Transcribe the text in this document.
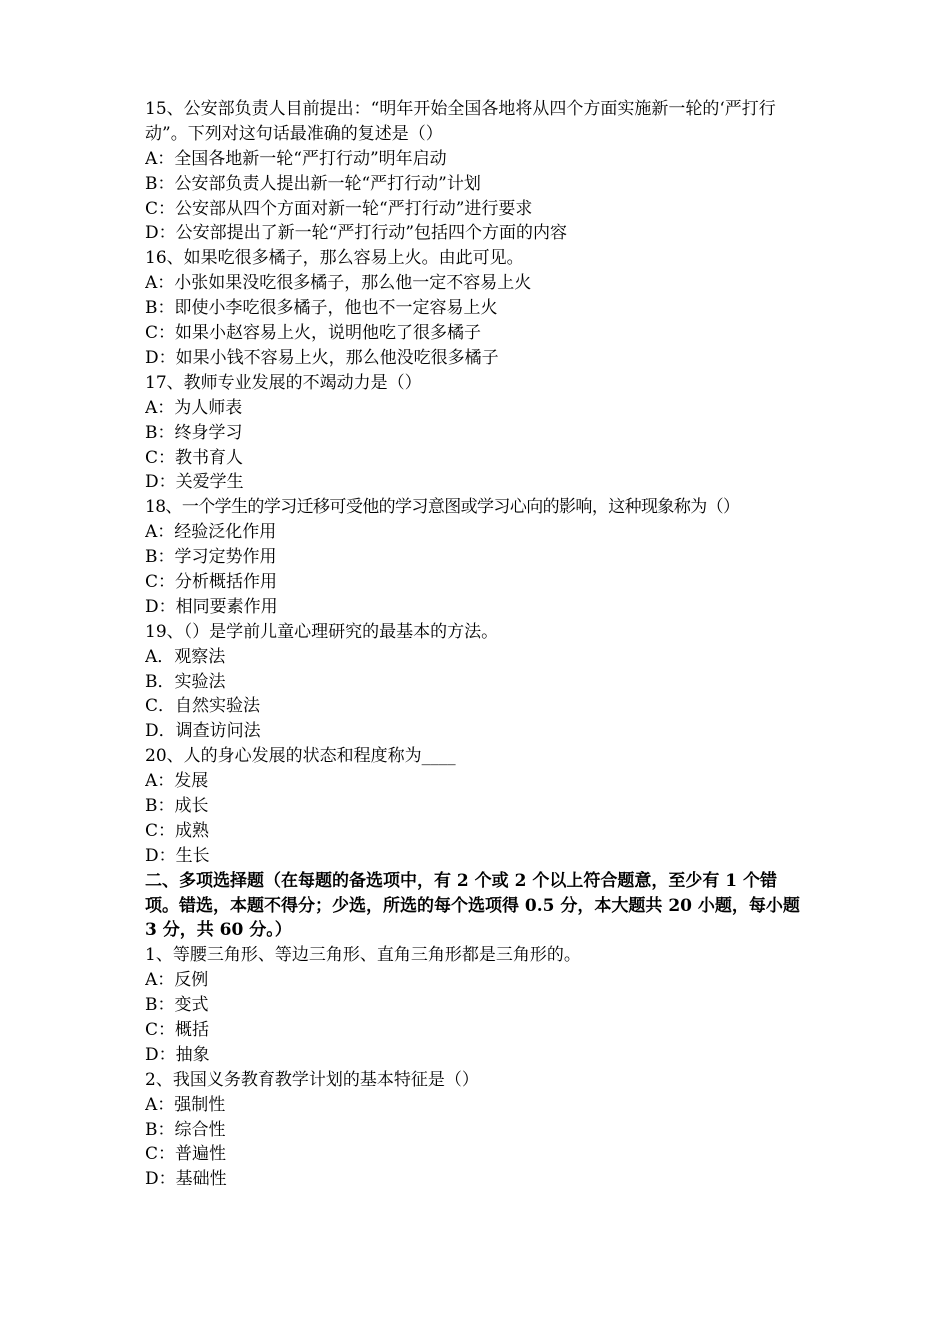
15、公安部负责人目前提出：“明年开始全国各地将从四个方面实施新一轮的‘严打行动”。下列对这句话最准确的复述是（）
A：全国各地新一轮“严打行动”明年启动
B：公安部负责人提出新一轮“严打行动”计划
C：公安部从四个方面对新一轮“严打行动”进行要求
D：公安部提出了新一轮“严打行动”包括四个方面的内容
16、如果吃很多橘子，那么容易上火。由此可见。
A：小张如果没吃很多橘子，那么他一定不容易上火
B：即使小李吃很多橘子，他也不一定容易上火
C：如果小赵容易上火，说明他吃了很多橘子
D：如果小钱不容易上火，那么他没吃很多橘子
17、教师专业发展的不竭动力是（）
A：为人师表
B：终身学习
C：教书育人
D：关爱学生
18、一个学生的学习迁移可受他的学习意图或学习心向的影响，这种现象称为（）
A：经验泛化作用
B：学习定势作用
C：分析概括作用
D：相同要素作用
19、（）是学前儿童心理研究的最基本的方法。
A．观察法
B．实验法
C．自然实验法
D．调查访问法
20、人的身心发展的状态和程度称为____
A：发展
B：成长
C：成熟
D：生长
二、多项选择题（在每题的备选项中，有 2 个或 2 个以上符合题意，至少有 1 个错项。错选，本题不得分；少选，所选的每个选项得 0.5 分，本大题共 20 小题，每小题 3 分，共 60 分。）
1、等腰三角形、等边三角形、直角三角形都是三角形的。
A：反例
B：变式
C：概括
D：抽象
2、我国义务教育教学计划的基本特征是（）
A：强制性
B：综合性
C：普遍性
D：基础性
